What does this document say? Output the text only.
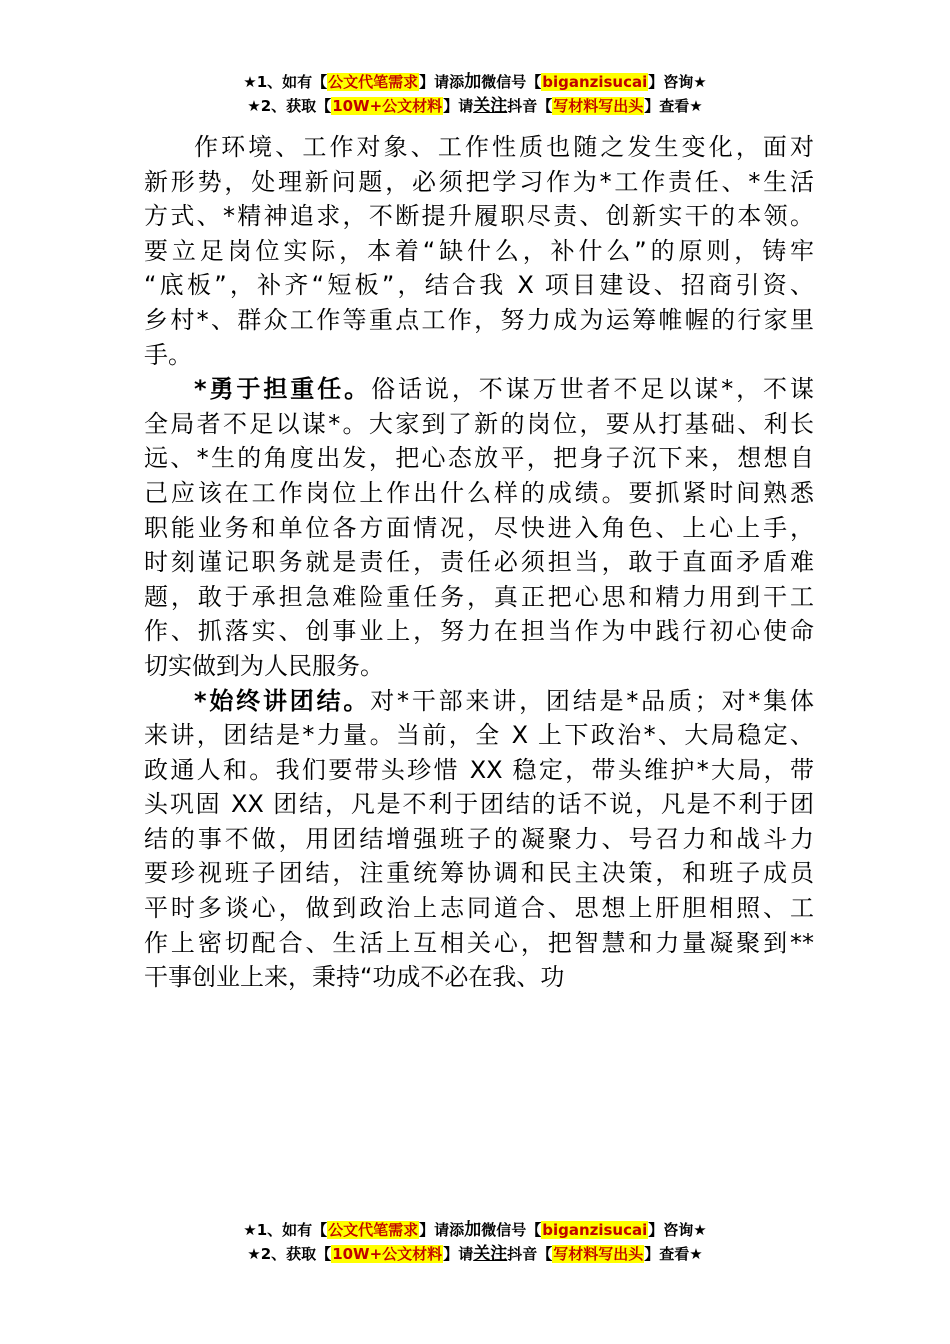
★1、如有【公文代笔需求】请添加微信号【biganzisucai】咨询★
★2、获取【10W+公文材料】请关注抖音【写材料写出头】查看★
作环境、工作对象、工作性质也随之发生变化，面对
新形势，处理新问题，必须把学习作为*工作责任、*生活
方式、*精神追求，不断提升履职尽责、创新实干的本领。
要立足岗位实际，本着“缺什么，补什么”的原则，铸牢
“底板”，补齐“短板”，结合我 X 项目建设、招商引资、
乡村*、群众工作等重点工作，努力成为运筹帷幄的行家里
手。
*勇于担重任。俗话说，不谋万世者不足以谋*，不谋
全局者不足以谋*。大家到了新的岗位，要从打基础、利长
远、*生的角度出发，把心态放平，把身子沉下来，想想自
己应该在工作岗位上作出什么样的成绩。要抓紧时间熟悉
职能业务和单位各方面情况，尽快进入角色、上心上手，
时刻谨记职务就是责任，责任必须担当，敢于直面矛盾难
题，敢于承担急难险重任务，真正把心思和精力用到干工
作、抓落实、创事业上，努力在担当作为中践行初心使命
切实做到为人民服务。
*始终讲团结。对*干部来讲，团结是*品质；对*集体
来讲，团结是*力量。当前，全 X 上下政治*、大局稳定、
政通人和。我们要带头珍惜 XX 稳定，带头维护*大局，带
头巩固 XX 团结，凡是不利于团结的话不说，凡是不利于团
结的事不做，用团结增强班子的凝聚力、号召力和战斗力
要珍视班子团结，注重统筹协调和民主决策，和班子成员
平时多谈心，做到政治上志同道合、思想上肝胆相照、工
作上密切配合、生活上互相关心，把智慧和力量凝聚到**
干事创业上来，秉持“功成不必在我、功
★1、如有【公文代笔需求】请添加微信号【biganzisucai】咨询★
★2、获取【10W+公文材料】请关注抖音【写材料写出头】查看★
